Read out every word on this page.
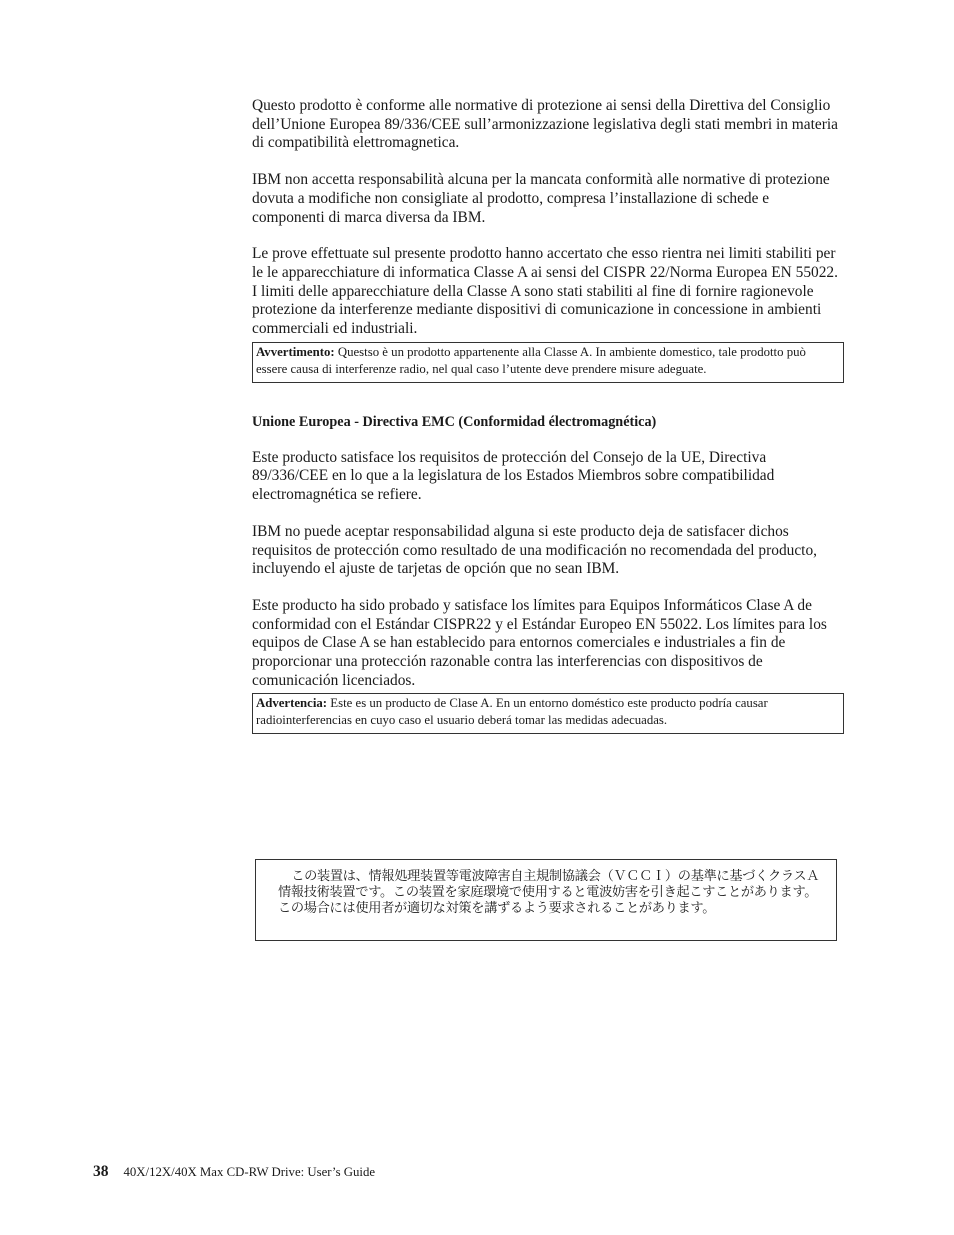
Questo prodotto è conforme alle normative di protezione ai sensi della Direttiva del Consiglio dell’Unione Europea 89/336/CEE sull’armonizzazione legislativa degli stati membri in materia di compatibilità elettromagnetica.

IBM non accetta responsabilità alcuna per la mancata conformità alle normative di protezione dovuta a modifiche non consigliate al prodotto, compresa l’installazione di schede e componenti di marca diversa da IBM.

Le prove effettuate sul presente prodotto hanno accertato che esso rientra nei limiti stabiliti per le le apparecchiature di informatica Classe A ai sensi del CISPR 22/Norma Europea EN 55022. I limiti delle apparecchiature della Classe A sono stati stabiliti al fine di fornire ragionevole protezione da interferenze mediante dispositivi di comunicazione in concessione in ambienti commerciali ed industriali.

Avvertimento: Questso è un prodotto appartenente alla Classe A. In ambiente domestico, tale prodotto può essere causa di interferenze radio, nel qual caso l’utente deve prendere misure adeguate.
Unione Europea - Directiva EMC (Conformidad électromagnética)

Este producto satisface los requisitos de protección del Consejo de la UE, Directiva 89/336/CEE en lo que a la legislatura de los Estados Miembros sobre compatibilidad electromagnética se refiere.

IBM no puede aceptar responsabilidad alguna si este producto deja de satisfacer dichos requisitos de protección como resultado de una modificación no recomendada del producto, incluyendo el ajuste de tarjetas de opción que no sean IBM.

Este producto ha sido probado y satisface los límites para Equipos Informáticos Clase A de conformidad con el Estándar CISPR22 y el Estándar Europeo EN 55022. Los límites para los equipos de Clase A se han establecido para entornos comerciales e industriales a fin de proporcionar una protección razonable contra las interferencias con dispositivos de comunicación licenciados.

Advertencia: Este es un producto de Clase A. En un entorno doméstico este producto podría causar radiointerferencias en cuyo caso el usuario deberá tomar las medidas adecuadas.

この装置は、情報処理装置等電波障害自主規制協議会（ＶＣＣＩ）の基準に基づくクラスＡ情報技術装置です。この装置を家庭環境で使用すると電波妨害を引き起こすことがあります。この場合には使用者が適切な対策を講ずるよう要求されることがあります。

38 40X/12X/40X Max CD-RW Drive: User’s Guide
